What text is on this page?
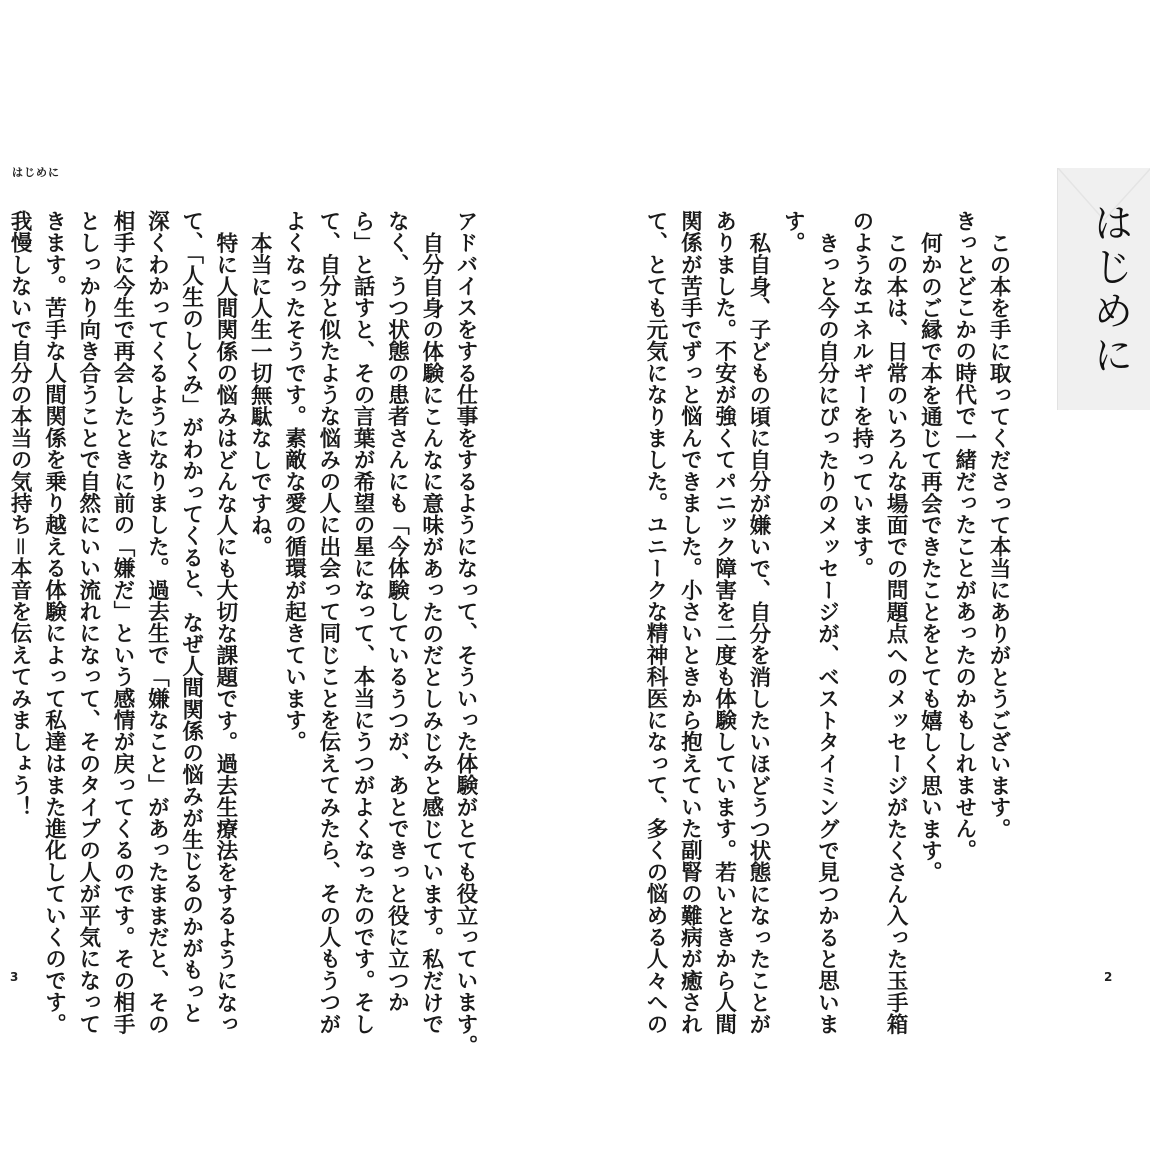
はじめに

アドバイスをする仕事をするようになって、そういった体験がとても役立っています。

自分自身の体験にこんなに意味があったのだとしみじみと感じています。私だけで

なく、うつ状態の患者さんにも「今体験しているうつが、あとできっと役に立つか

ら」と話すと、その言葉が希望の星になって、本当にうつがよくなったのです。そし

て、自分と似たような悩みの人に出会って同じことを伝えてみたら、その人もうつが

よくなったそうです。素敵な愛の循環が起きています。

本当に人生一切無駄なしですね。

特に人間関係の悩みはどんな人にも大切な課題です。過去生療法をするようになっ

て、「人生のしくみ」がわかってくると、なぜ人間関係の悩みが生じるのかがもっと

深くわかってくるようになりました。過去生で「嫌なこと」があったままだと、その

相手に今生で再会したときに前の「嫌だ」という感情が戻ってくるのです。その相手

としっかり向き合うことで自然にいい流れになって、そのタイプの人が平気になって

きます。苦手な人間関係を乗り越える体験によって私達はまた進化していくのです。

我慢しないで自分の本当の気持ち＝本音を伝えてみましょう！

3

この本を手に取ってくださって本当にありがとうございます。

きっとどこかの時代で一緒だったことがあったのかもしれません。

何かのご縁で本を通じて再会できたことをとても嬉しく思います。

この本は、日常のいろんな場面での問題点へのメッセージがたくさん入った玉手箱

のようなエネルギーを持っています。

きっと今の自分にぴったりのメッセージが、ベストタイミングで見つかると思いま

す。

私自身、子どもの頃に自分が嫌いで、自分を消したいほどうつ状態になったことが

ありました。不安が強くてパニック障害を二度も体験しています。若いときから人間

関係が苦手でずっと悩んできました。小さいときから抱えていた副腎の難病が癒され

て、とても元気になりました。ユニークな精神科医になって、多くの悩める人々への	はじめに
2
